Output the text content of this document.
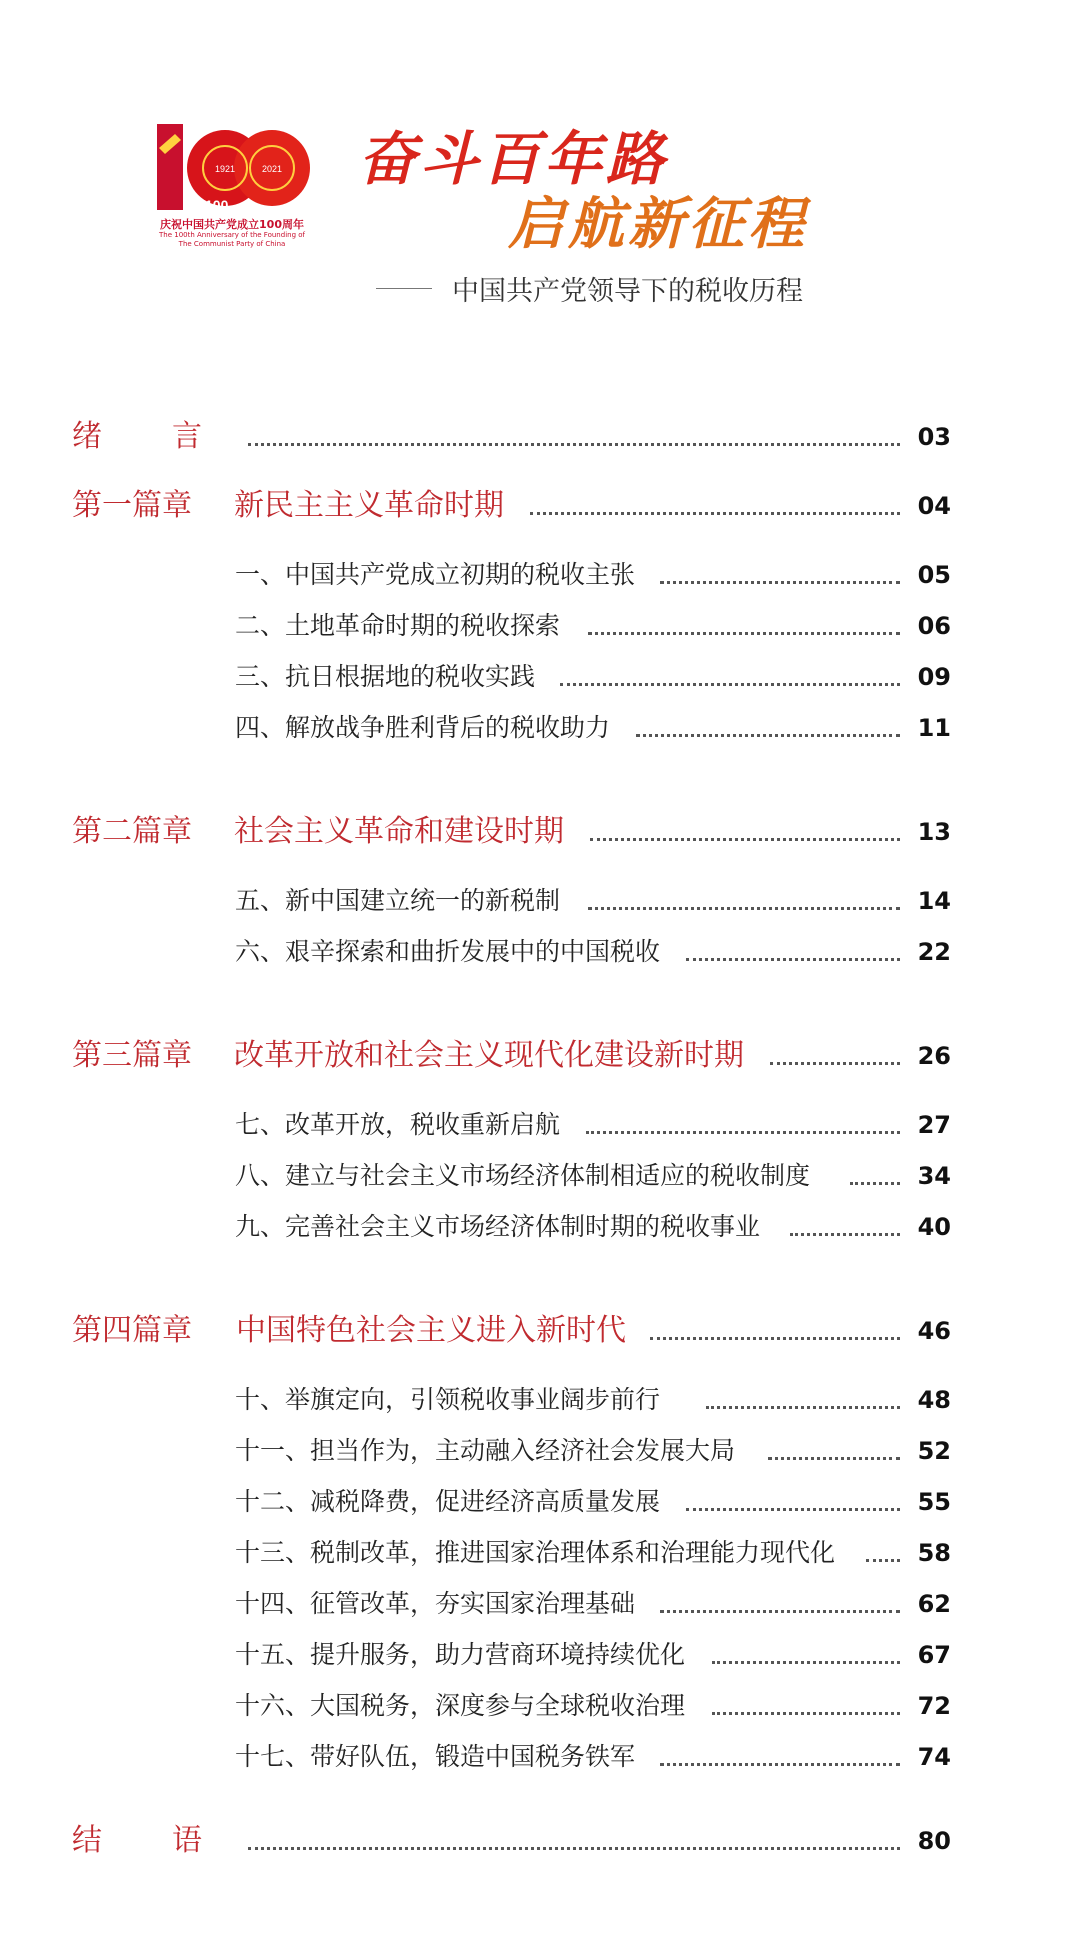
100
1921	2021
庆祝中国共产党成立100周年
The 100th Anniversary of the Founding of
The Communist Party of China
奋斗百年路
启航新征程
中国共产党领导下的税收历程
绪 言	03
第一篇章	新民主主义革命时期	04
一、中国共产党成立初期的税收主张	05
二、土地革命时期的税收探索	06
三、抗日根据地的税收实践	09
四、解放战争胜利背后的税收助力	11
第二篇章	社会主义革命和建设时期	13
五、新中国建立统一的新税制	14
六、艰辛探索和曲折发展中的中国税收	22
第三篇章	改革开放和社会主义现代化建设新时期	26
七、改革开放，税收重新启航	27
八、建立与社会主义市场经济体制相适应的税收制度	34
九、完善社会主义市场经济体制时期的税收事业	40
第四篇章	中国特色社会主义进入新时代	46
十、举旗定向，引领税收事业阔步前行	48
十一、担当作为，主动融入经济社会发展大局	52
十二、减税降费，促进经济高质量发展	55
十三、税制改革，推进国家治理体系和治理能力现代化	58
十四、征管改革，夯实国家治理基础	62
十五、提升服务，助力营商环境持续优化	67
十六、大国税务，深度参与全球税收治理	72
十七、带好队伍，锻造中国税务铁军	74
结 语	80
